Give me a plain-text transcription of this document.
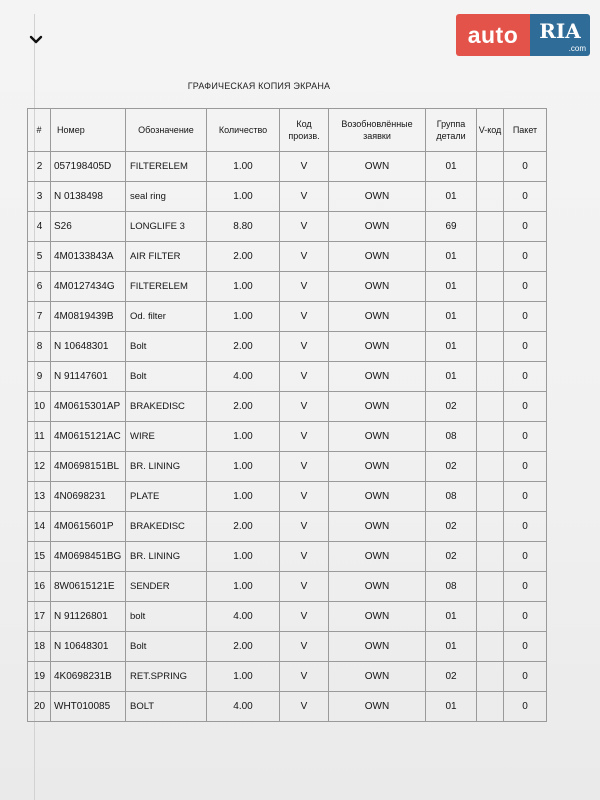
auto	RIA
.com
ГРАФИЧЕСКАЯ КОПИЯ ЭКРАНА
#	Номер	Обозначение	Количество	Код произв.	Возобновлённые заявки	Группа детали	V-код	Пакет
2	057198405D	FILTERELEM	1.00	V	OWN	01		0
3	N 0138498	seal ring	1.00	V	OWN	01		0
4	S26	LONGLIFE 3	8.80	V	OWN	69		0
5	4M0133843A	AIR FILTER	2.00	V	OWN	01		0
6	4M0127434G	FILTERELEM	1.00	V	OWN	01		0
7	4M0819439B	Od. filter	1.00	V	OWN	01		0
8	N 10648301	Bolt	2.00	V	OWN	01		0
9	N 91147601	Bolt	4.00	V	OWN	01		0
10	4M0615301AP	BRAKEDISC	2.00	V	OWN	02		0
11	4M0615121AC	WIRE	1.00	V	OWN	08		0
12	4M0698151BL	BR. LINING	1.00	V	OWN	02		0
13	4N0698231	PLATE	1.00	V	OWN	08		0
14	4M0615601P	BRAKEDISC	2.00	V	OWN	02		0
15	4M0698451BG	BR. LINING	1.00	V	OWN	02		0
16	8W0615121E	SENDER	1.00	V	OWN	08		0
17	N 91126801	bolt	4.00	V	OWN	01		0
18	N 10648301	Bolt	2.00	V	OWN	01		0
19	4K0698231B	RET.SPRING	1.00	V	OWN	02		0
20	WHT010085	BOLT	4.00	V	OWN	01		0
